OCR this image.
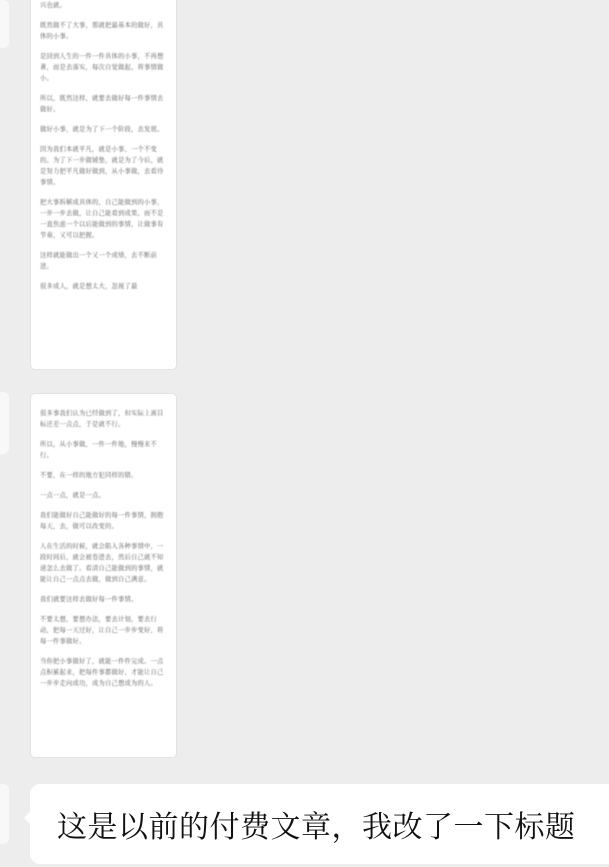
兴也就。

既然做不了大事，那就把最基本的做好，具体的小事。

是回到人生的一件一件具体的小事，不再想著，而是去落实，每次自觉做起，将事情做小。

所以，既然这样，就要去做好每一件事情去做好。

做好小事，就是为了下一个阶段，去发展。

因为我们本就平凡，就是小事，一个不变的。为了下一步做铺垫，就是为了今后，就是努力把平凡做好做到，从小事做，去看待事情。

把大事拆解成具体的，自己能做到的小事，一步一步去做，让自己能看到成果，而不是一直焦虑一个以后能做到的事情，让做事有节奏，又可以把握。

这样就能做出一个又一个成绩，去不断前进。

很多成人，就是想太大，忽视了最

很多事我们认为已经做到了，但实际上离目标还差一点点，于是就不行。

所以，从小事做，一件一件地，慢慢来不行。

不要，在一样的地方犯同样的错。

一点一点，就是一点。

我们能做好自己能做好的每一件事情，拥抱每天，去，做可以改变的。

人在生活的时候，就会陷入各种事情中，一段时间后，就会被卷进去，然后自己就不知道怎么去做了。看清自己能做到的事情，就能让自己一点点去做，做到自己满意。

我们就要这样去做好每一件事情。

不要太想，要想办法，要去计划，要去行动，把每一天过好，让自己一步步变好，将每一件事做好。

当你把小事做好了，就能一件件完成。一点点积累起来，把每件事都做好，才能让自己一步步走向成功，成为自己想成为的人。

这是以前的付费文章，我改了一下标题
